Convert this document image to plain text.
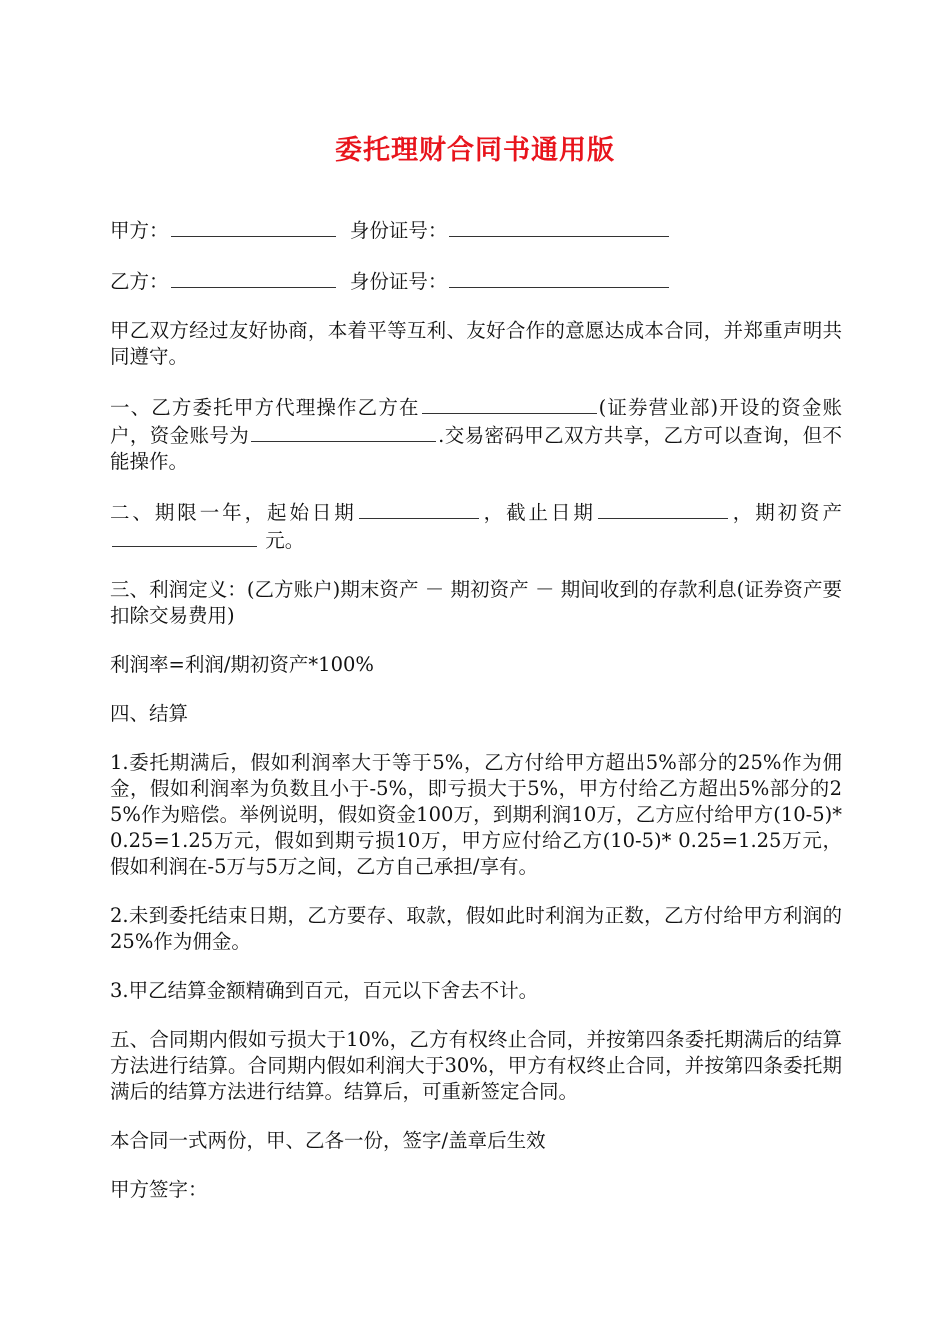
委托理财合同书通用版
甲方：	身份证号：
乙方：	身份证号：

甲乙双方经过友好协商，本着平等互利、友好合作的意愿达成本合同，并郑重声明共同遵守。

一、乙方委托甲方代理操作乙方在	(证券营业部)开设的资金账户，资金账号为	.交易密码甲乙双方共享，乙方可以查询，但不能操作。

二、期限一年，起始日期	，截止日期	，期初资产 元。

三、利润定义：(乙方账户)期末资产 － 期初资产 － 期间收到的存款利息(证券资产要扣除交易费用)

利润率=利润/期初资产*100%

四、结算

1.委托期满后，假如利润率大于等于5%，乙方付给甲方超出5%部分的25%作为佣金，假如利润率为负数且小于-5%，即亏损大于5%，甲方付给乙方超出5%部分的25%作为赔偿。举例说明，假如资金100万，到期利润10万，乙方应付给甲方(10-5)*0.25=1.25万元，假如到期亏损10万，甲方应付给乙方(10-5)* 0.25=1.25万元，假如利润在-5万与5万之间，乙方自己承担/享有。

2.未到委托结束日期，乙方要存、取款，假如此时利润为正数，乙方付给甲方利润的25%作为佣金。

3.甲乙结算金额精确到百元，百元以下舍去不计。

五、合同期内假如亏损大于10%，乙方有权终止合同，并按第四条委托期满后的结算方法进行结算。合同期内假如利润大于30%，甲方有权终止合同，并按第四条委托期满后的结算方法进行结算。结算后，可重新签定合同。

本合同一式两份，甲、乙各一份，签字/盖章后生效

甲方签字：
